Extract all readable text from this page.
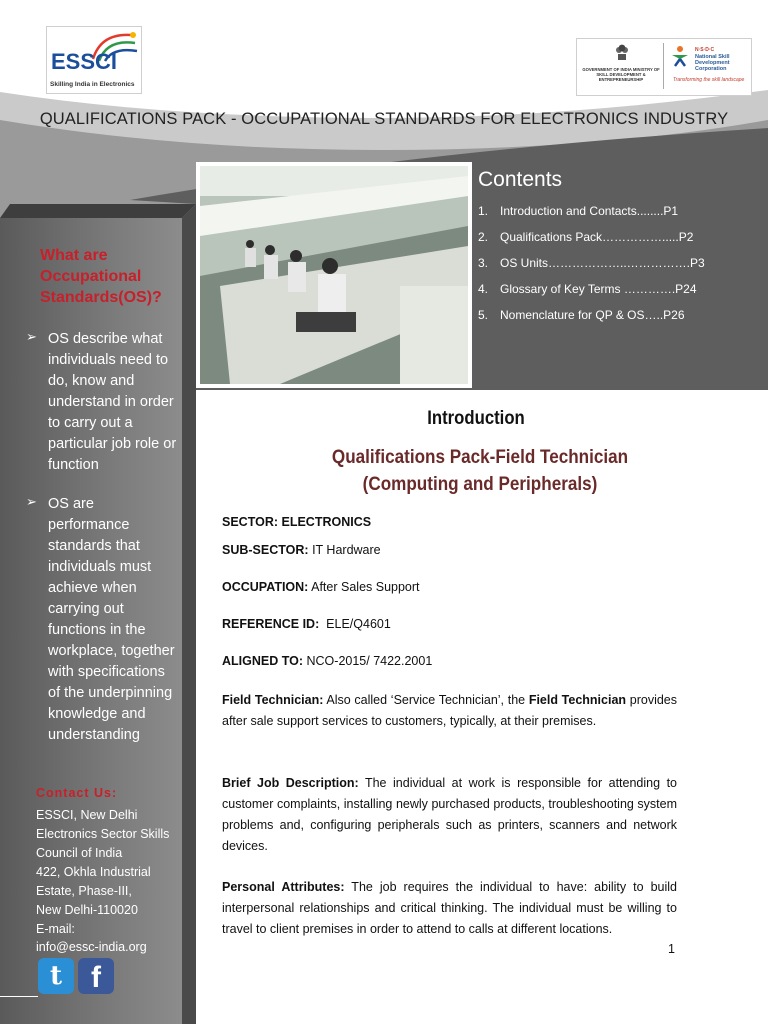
ESSCI
Skilling India in Electronics
GOVERNMENT OF INDIA MINISTRY OF SKILL DEVELOPMENT & ENTREPRENEURSHIP
N·S·D·C
National Skill Development Corporation
Transforming the skill landscape
QUALIFICATIONS PACK - OCCUPATIONAL STANDARDS FOR ELECTRONICS INDUSTRY
Contents
1. Introduction and Contacts........P1
2. Qualifications Pack…………….....P2
3. OS Units………………..…………….P3
4. Glossary of Key Terms ………….P24
5. Nomenclature for QP & OS…..P26
What are Occupational Standards(OS)?
➢ OS describe what individuals need to do, know and understand in order to carry out a particular job role or function
➢ OS are performance standards that individuals must achieve when carrying out functions in the workplace, together with specifications of the underpinning knowledge and understanding
Contact Us:
ESSCI, New Delhi
Electronics Sector Skills
Council of India
422, Okhla Industrial
Estate, Phase-III,
New Delhi-110020
E-mail:
info@essc-india.org
t f
Introduction
Qualifications Pack-Field Technician
(Computing and Peripherals)
SECTOR: ELECTRONICS
SUB-SECTOR: IT Hardware
OCCUPATION: After Sales Support
REFERENCE ID:  ELE/Q4601
ALIGNED TO: NCO-2015/ 7422.2001
Field Technician: Also called ‘Service Technician’, the Field Technician provides after sale support services to customers, typically, at their premises.
Brief Job Description: The individual at work is responsible for attending to customer complaints, installing newly purchased products, troubleshooting system problems and, configuring peripherals such as printers, scanners and network devices.
Personal Attributes: The job requires the individual to have: ability to build interpersonal relationships and critical thinking. The individual must be willing to travel to client premises in order to attend to calls at different locations.
1
